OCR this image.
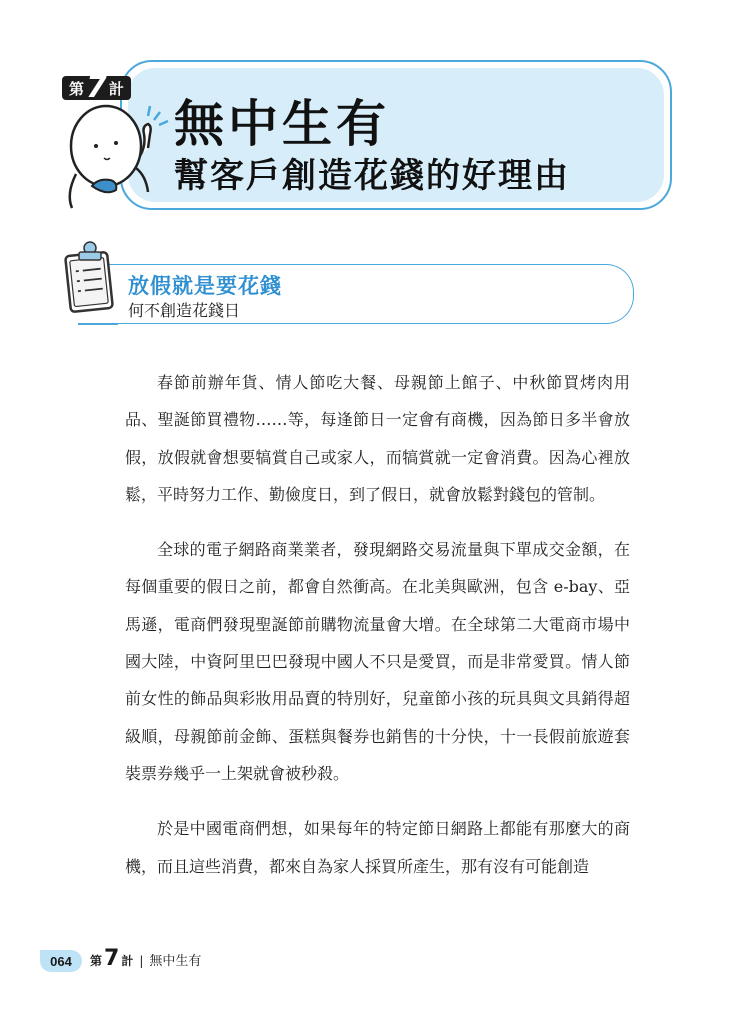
第 7 計
無中生有
幫客戶創造花錢的好理由
放假就是要花錢
何不創造花錢日

春節前辦年貨、情人節吃大餐、母親節上館子、中秋節買烤肉用品、聖誕節買禮物……等，每逢節日一定會有商機，因為節日多半會放假，放假就會想要犒賞自己或家人，而犒賞就一定會消費。因為心裡放鬆，平時努力工作、勤儉度日，到了假日，就會放鬆對錢包的管制。

全球的電子網路商業業者，發現網路交易流量與下單成交金額，在每個重要的假日之前，都會自然衝高。在北美與歐洲，包含 e-bay、亞馬遜，電商們發現聖誕節前購物流量會大增。在全球第二大電商市場中國大陸，中資阿里巴巴發現中國人不只是愛買，而是非常愛買。情人節前女性的飾品與彩妝用品賣的特別好，兒童節小孩的玩具與文具銷得超級順，母親節前金飾、蛋糕與餐券也銷售的十分快，十一長假前旅遊套裝票券幾乎一上架就會被秒殺。

於是中國電商們想，如果每年的特定節日網路上都能有那麼大的商機，而且這些消費，都來自為家人採買所產生，那有沒有可能創造

064	第 7 計 | 無中生有
